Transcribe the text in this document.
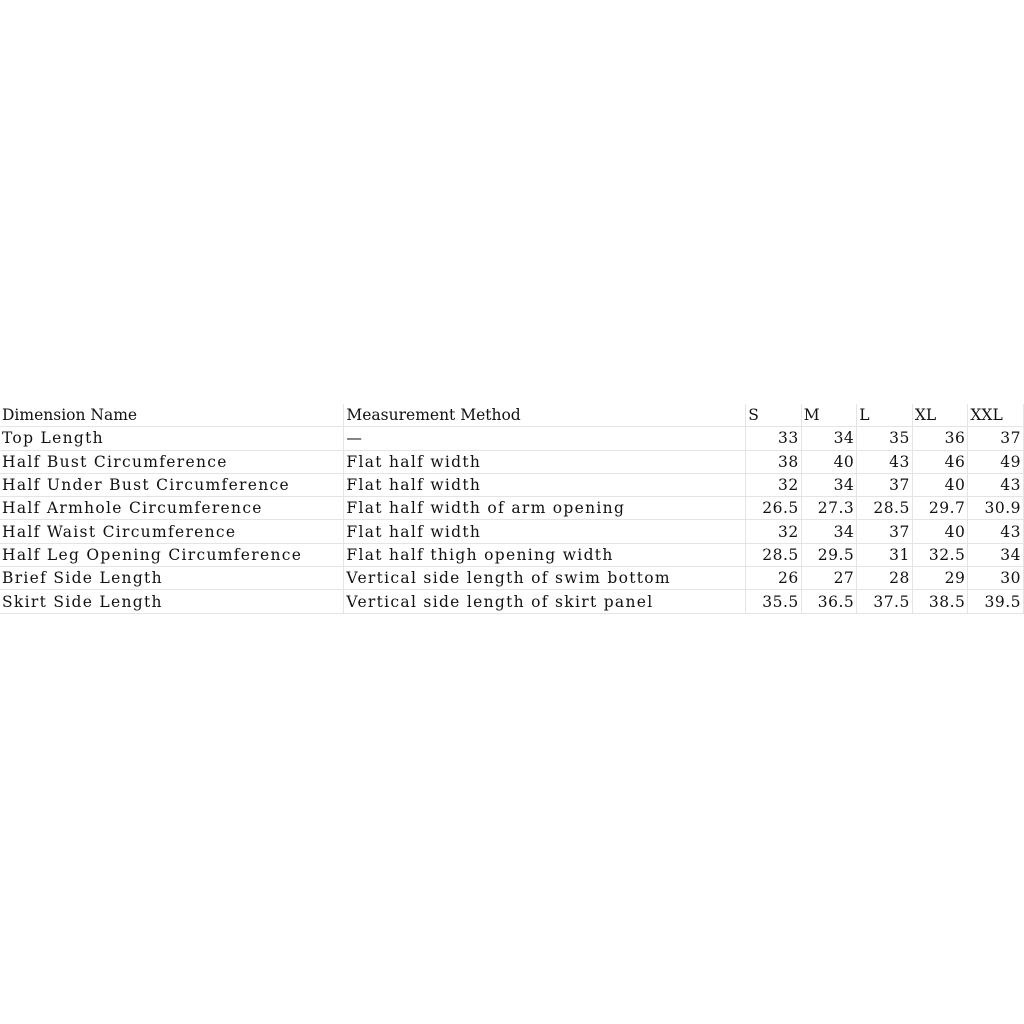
Dimension Name	Measurement Method	S	M	L	XL	XXL
Top Length	—	33	34	35	36	37
Half Bust Circumference	Flat half width	38	40	43	46	49
Half Under Bust Circumference	Flat half width	32	34	37	40	43
Half Armhole Circumference	Flat half width of arm opening	26.5	27.3	28.5	29.7	30.9
Half Waist Circumference	Flat half width	32	34	37	40	43
Half Leg Opening Circumference	Flat half thigh opening width	28.5	29.5	31	32.5	34
Brief Side Length	Vertical side length of swim bottom	26	27	28	29	30
Skirt Side Length	Vertical side length of skirt panel	35.5	36.5	37.5	38.5	39.5
